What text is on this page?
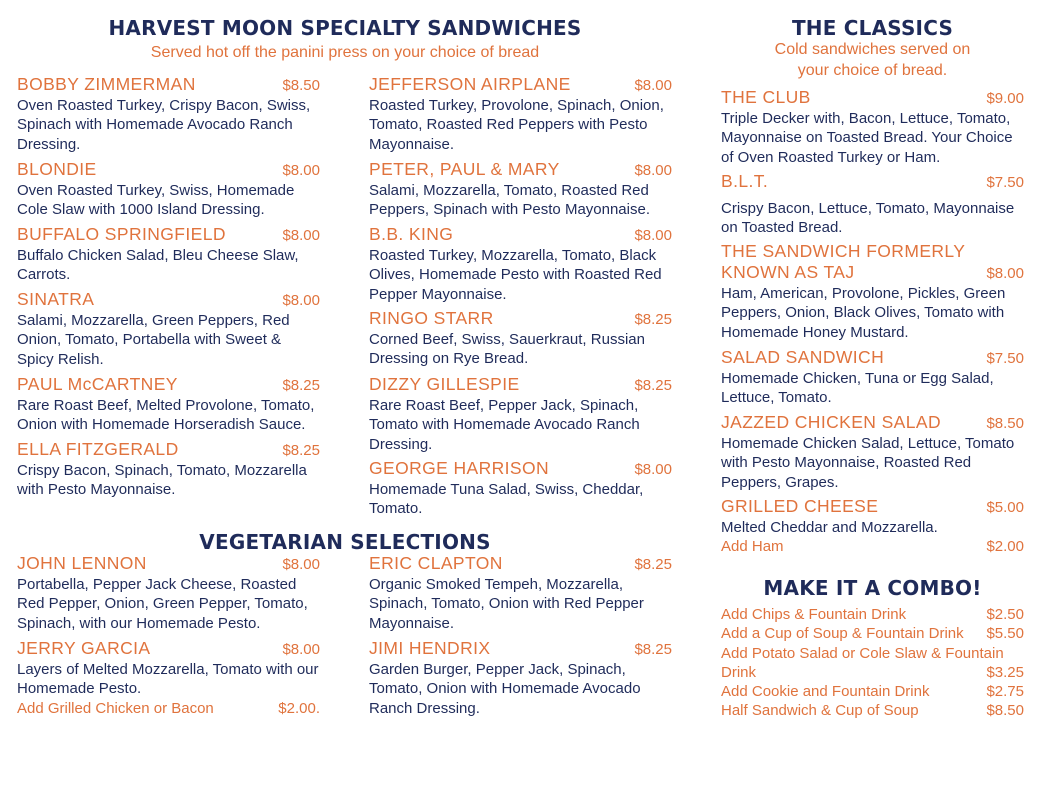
HARVEST MOON SPECIALTY SANDWICHES
Served hot off the panini press on your choice of bread
BOBBY ZIMMERMAN	$8.50
Oven Roasted Turkey, Crispy Bacon, Swiss, Spinach with Homemade Avocado Ranch Dressing.
BLONDIE	$8.00
Oven Roasted Turkey, Swiss, Homemade Cole Slaw with 1000 Island Dressing.
BUFFALO SPRINGFIELD	$8.00
Buffalo Chicken Salad, Bleu Cheese Slaw, Carrots.
SINATRA	$8.00
Salami, Mozzarella, Green Peppers, Red Onion, Tomato, Portabella with Sweet & Spicy Relish.
PAUL McCARTNEY	$8.25
Rare Roast Beef, Melted Provolone, Tomato, Onion with Homemade Horseradish Sauce.
ELLA FITZGERALD	$8.25
Crispy Bacon, Spinach, Tomato, Mozzarella with Pesto Mayonnaise.
JEFFERSON AIRPLANE	$8.00
Roasted Turkey, Provolone, Spinach, Onion, Tomato, Roasted Red Peppers with Pesto Mayonnaise.
PETER, PAUL & MARY	$8.00
Salami, Mozzarella, Tomato, Roasted Red Peppers, Spinach with Pesto Mayonnaise.
B.B. KING	$8.00
Roasted Turkey, Mozzarella, Tomato, Black Olives, Homemade Pesto with Roasted Red Pepper Mayonnaise.
RINGO STARR	$8.25
Corned Beef, Swiss, Sauerkraut, Russian Dressing on Rye Bread.
DIZZY GILLESPIE	$8.25
Rare Roast Beef, Pepper Jack, Spinach, Tomato with Homemade Avocado Ranch Dressing.
GEORGE HARRISON	$8.00
Homemade Tuna Salad, Swiss, Cheddar, Tomato.
VEGETARIAN SELECTIONS
JOHN LENNON	$8.00
Portabella, Pepper Jack Cheese, Roasted Red Pepper, Onion, Green Pepper, Tomato, Spinach, with our Homemade Pesto.
JERRY GARCIA	$8.00
Layers of Melted Mozzarella, Tomato with our Homemade Pesto.
Add Grilled Chicken or Bacon	$2.00.
ERIC CLAPTON	$8.25
Organic Smoked Tempeh, Mozzarella, Spinach, Tomato, Onion with Red Pepper Mayonnaise.
JIMI HENDRIX	$8.25
Garden Burger, Pepper Jack, Spinach, Tomato, Onion with Homemade Avocado Ranch Dressing.
THE CLASSICS
Cold sandwiches served on
your choice of bread.
THE CLUB	$9.00
Triple Decker with, Bacon, Lettuce, Tomato, Mayonnaise on Toasted Bread. Your Choice of Oven Roasted Turkey or Ham.
B.L.T.	$7.50
Crispy Bacon, Lettuce, Tomato, Mayonnaise on Toasted Bread.
THE SANDWICH FORMERLY
KNOWN AS TAJ	$8.00
Ham, American, Provolone, Pickles, Green Peppers, Onion, Black Olives, Tomato with Homemade Honey Mustard.
SALAD SANDWICH	$7.50
Homemade Chicken, Tuna or Egg Salad, Lettuce, Tomato.
JAZZED CHICKEN SALAD	$8.50
Homemade Chicken Salad, Lettuce, Tomato with Pesto Mayonnaise, Roasted Red Peppers, Grapes.
GRILLED CHEESE	$5.00
Melted Cheddar and Mozzarella.
Add Ham	$2.00
MAKE IT A COMBO!
Add Chips & Fountain Drink	$2.50
Add a Cup of Soup & Fountain Drink $5.50
Add Potato Salad or Cole Slaw & Fountain
Drink	$3.25
Add Cookie and Fountain Drink	$2.75
Half Sandwich & Cup of Soup	$8.50
